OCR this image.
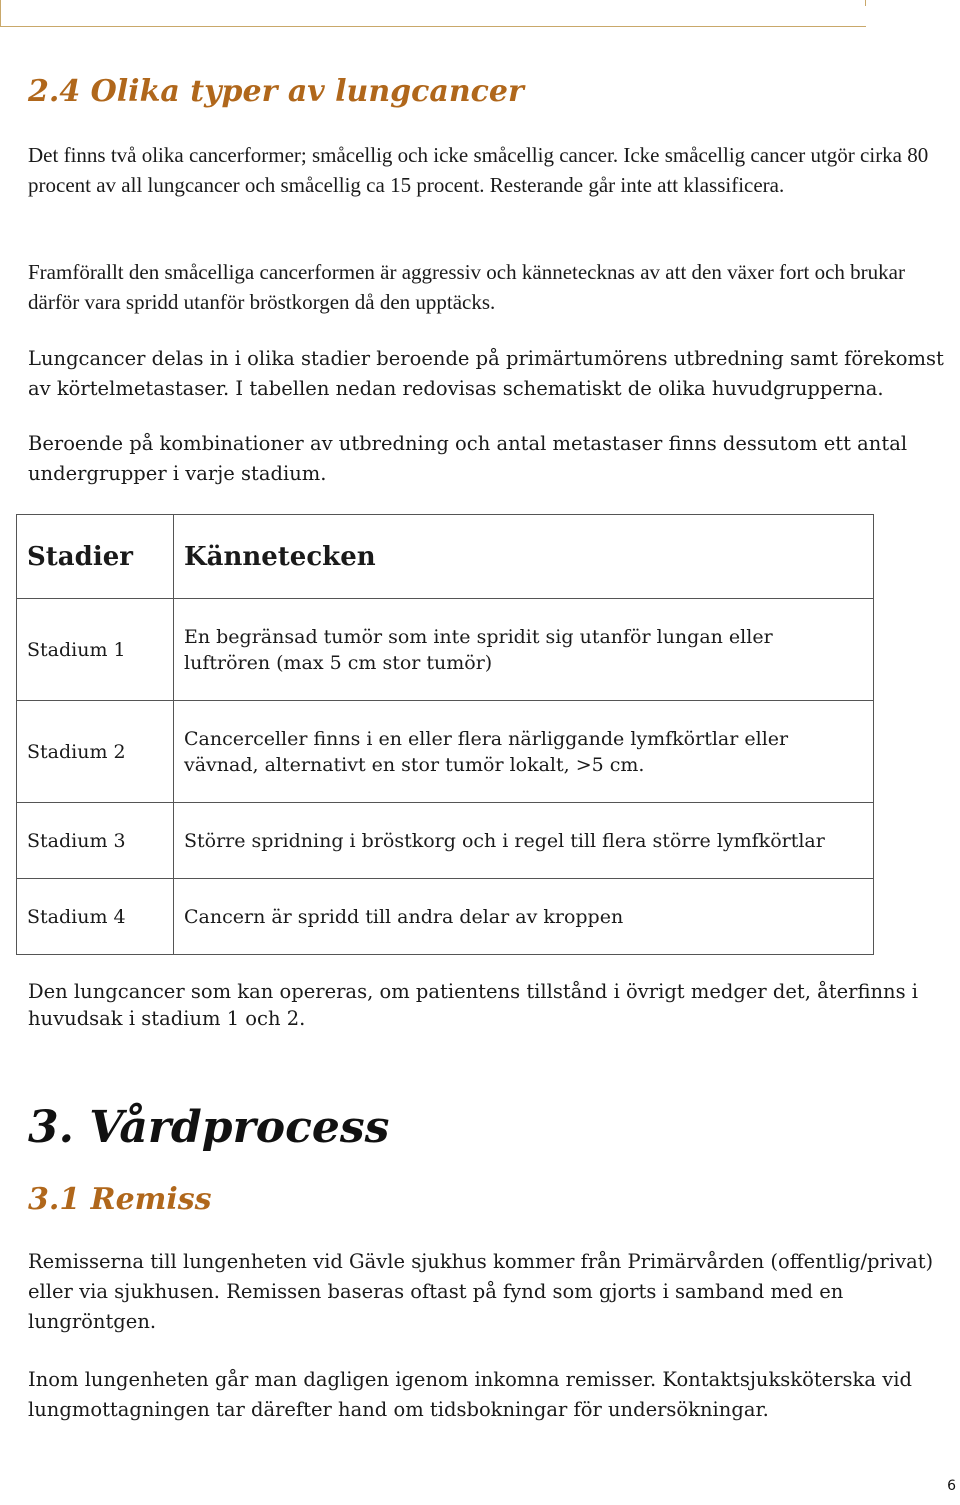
2.4 Olika typer av lungcancer

Det finns två olika cancerformer; småcellig och icke småcellig cancer. Icke småcellig cancer utgör cirka 80 procent av all lungcancer och småcellig ca 15 procent. Resterande går inte att klassificera.

Framförallt den småcelliga cancerformen är aggressiv och kännetecknas av att den växer fort och brukar därför vara spridd utanför bröstkorgen då den upptäcks.

Lungcancer delas in i olika stadier beroende på primärtumörens utbredning samt förekomst av körtelmetastaser. I tabellen nedan redovisas schematiskt de olika huvudgrupperna.

Beroende på kombinationer av utbredning och antal metastaser finns dessutom ett antal undergrupper i varje stadium.

Stadier	Kännetecken
Stadium 1	En begränsad tumör som inte spridit sig utanför lungan eller luftrören (max 5 cm stor tumör)
Stadium 2	Cancerceller finns i en eller flera närliggande lymfkörtlar eller vävnad, alternativt en stor tumör lokalt, >5 cm.
Stadium 3	Större spridning i bröstkorg och i regel till flera större lymfkörtlar
Stadium 4	Cancern är spridd till andra delar av kroppen

Den lungcancer som kan opereras, om patientens tillstånd i övrigt medger det, återfinns i huvudsak i stadium 1 och 2.

3. Vårdprocess
3.1 Remiss

Remisserna till lungenheten vid Gävle sjukhus kommer från Primärvården (offentlig/privat) eller via sjukhusen. Remissen baseras oftast på fynd som gjorts i samband med en lungröntgen.

Inom lungenheten går man dagligen igenom inkomna remisser. Kontaktsjuksköterska vid lungmottagningen tar därefter hand om tidsbokningar för undersökningar.

6
